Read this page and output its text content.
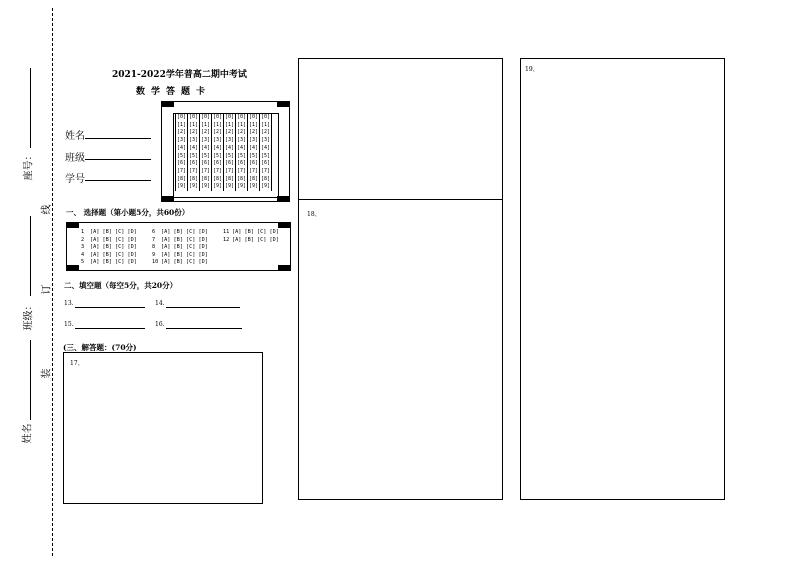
座号：
线
班级：
订
装
姓名
2021-2022学年普高二期中考试
数学答题卡
姓名
班级
学号
[0]	[0]	[0]	[0]	[0]	[0]	[0]	[0]
[1]	[1]	[1]	[1]	[1]	[1]	[1]	[1]
[2]	[2]	[2]	[2]	[2]	[2]	[2]	[2]
[3]	[3]	[3]	[3]	[3]	[3]	[3]	[3]
[4]	[4]	[4]	[4]	[4]	[4]	[4]	[4]
[5]	[5]	[5]	[5]	[5]	[5]	[5]	[5]
[6]	[6]	[6]	[6]	[6]	[6]	[6]	[6]
[7]	[7]	[7]	[7]	[7]	[7]	[7]	[7]
[8]	[8]	[8]	[8]	[8]	[8]	[8]	[8]
[9]	[9]	[9]	[9]	[9]	[9]	[9]	[9]
一、 选择题（第小题5分，共60份）
1 [A] [B] [C] [D]
2 [A] [B] [C] [D]
3 [A] [B] [C] [D]
4 [A] [B] [C] [D]
5 [A] [B] [C] [D]
6 [A] [B] [C] [D]
7 [A] [B] [C] [D]
8 [A] [B] [C] [D]
9 [A] [B] [C] [D]
10 [A] [B] [C] [D]
11 [A] [B] [C] [D]
12 [A] [B] [C] [D]
二、填空题（每空5分，共20分）
13.	14.
15.	16.
(三、解答题：(70分)
17、
18、
19、
